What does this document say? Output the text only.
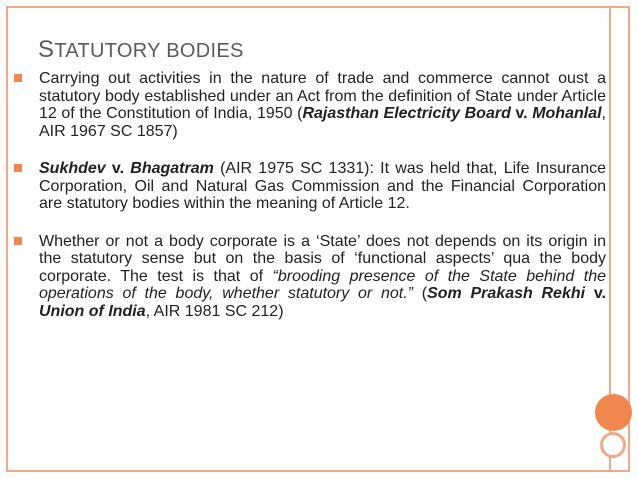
STATUTORY BODIES
Carrying out activities in the nature of trade and commerce cannot oust a statutory body established under an Act from the definition of State under Article 12 of the Constitution of India, 1950 (Rajasthan Electricity Board v. Mohanlal, AIR 1967 SC 1857)
Sukhdev v. Bhagatram (AIR 1975 SC 1331): It was held that, Life Insurance Corporation, Oil and Natural Gas Commission and the Financial Corporation are statutory bodies within the meaning of Article 12.
Whether or not a body corporate is a ‘State’ does not depends on its origin in the statutory sense but on the basis of ‘functional aspects’ qua the body corporate. The test is that of “brooding presence of the State behind the operations of the body, whether statutory or not.” (Som Prakash Rekhi v. Union of India, AIR 1981 SC 212)
